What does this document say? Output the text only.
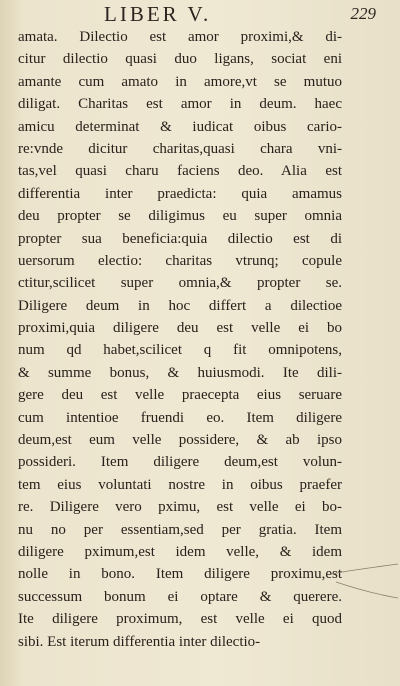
LIBER V.	229
amata. Dilectio est amor proximi,& di-
citur dilectio quasi duo ligans, sociat eni
amante cum amato in amore,vt se mutuo
diligat. Charitas est amor in deum. haec
amicu determinat & iudicat oibus cario-
re:vnde dicitur charitas,quasi chara vni-
tas,vel quasi charu faciens deo. Alia est
differentia inter praedicta: quia amamus
deu propter se diligimus eu super omnia
propter sua beneficia:quia dilectio est di
uersorum electio: charitas vtrunq; copule
ctitur,scilicet super omnia,& propter se.
Diligere deum in hoc differt a dilectioe
proximi,quia diligere deu est velle ei bo
num qd habet,scilicet q fit omnipotens,
& summe bonus, & huiusmodi. Ite dili-
gere deu est velle praecepta eius seruare
cum intentioe fruendi eo. Item diligere
deum,est eum velle possidere, & ab ipso
possideri. Item diligere deum,est volun-
tem eius voluntati nostre in oibus praefer
re. Diligere vero pximu, est velle ei bo-
nu no per essentiam,sed per gratia. Item
diligere pximum,est idem velle, & idem
nolle in bono. Item diligere proximu,est
successum bonum ei optare & querere.
Ite diligere proximum, est velle ei quod
sibi. Est iterum differentia inter dilectio-
